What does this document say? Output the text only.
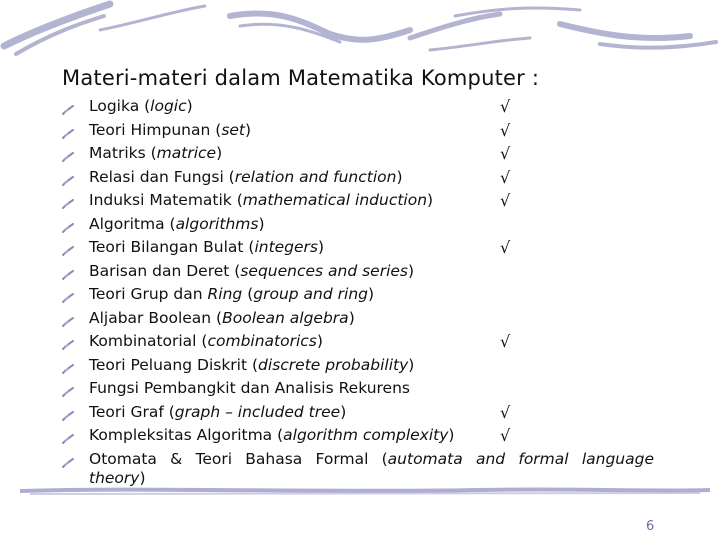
Materi-materi dalam Matematika Komputer :
Logika (logic)	√
Teori Himpunan (set)	√
Matriks (matrice)	√
Relasi dan Fungsi (relation and function)	√
Induksi Matematik (mathematical induction)	√
Algoritma (algorithms)
Teori Bilangan Bulat (integers)	√
Barisan dan Deret (sequences and series)
Teori Grup dan Ring (group and ring)
Aljabar Boolean (Boolean algebra)
Kombinatorial (combinatorics)	√
Teori Peluang Diskrit (discrete probability)
Fungsi Pembangkit dan Analisis Rekurens
Teori Graf (graph – included tree)	√
Kompleksitas Algoritma (algorithm complexity)	√
Otomata & Teori Bahasa Formal (automata and formal language
theory)
6
